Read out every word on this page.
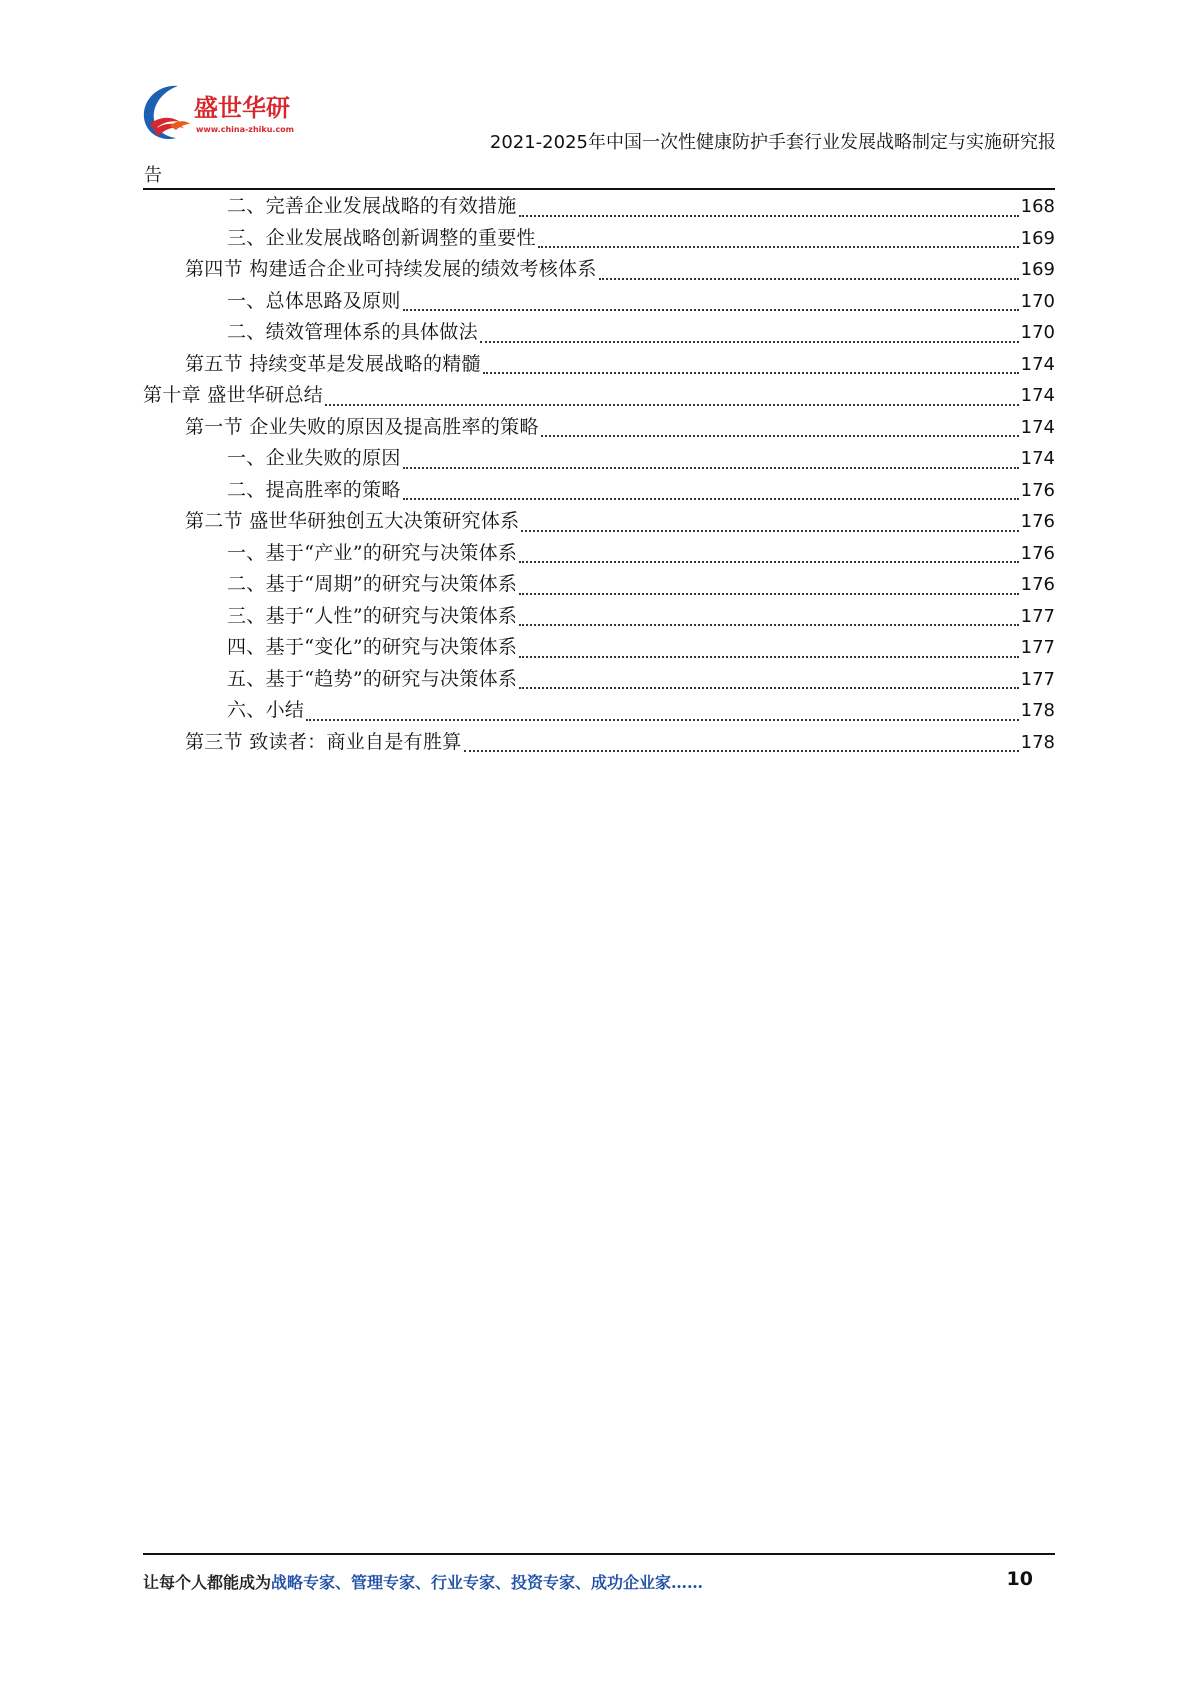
盛世华研
www.china-zhiku.com
2021-2025年中国一次性健康防护手套行业发展战略制定与实施研究报
告
二、完善企业发展战略的有效措施	168
三、企业发展战略创新调整的重要性	169
第四节 构建适合企业可持续发展的绩效考核体系	169
一、总体思路及原则	170
二、绩效管理体系的具体做法	170
第五节 持续变革是发展战略的精髓	174
第十章 盛世华研总结	174
第一节 企业失败的原因及提高胜率的策略	174
一、企业失败的原因	174
二、提高胜率的策略	176
第二节 盛世华研独创五大决策研究体系	176
一、基于“产业”的研究与决策体系	176
二、基于“周期”的研究与决策体系	176
三、基于“人性”的研究与决策体系	177
四、基于“变化”的研究与决策体系	177
五、基于“趋势”的研究与决策体系	177
六、小结	178
第三节 致读者：商业自是有胜算	178
让每个人都能成为战略专家、管理专家、行业专家、投资专家、成功企业家……	10
